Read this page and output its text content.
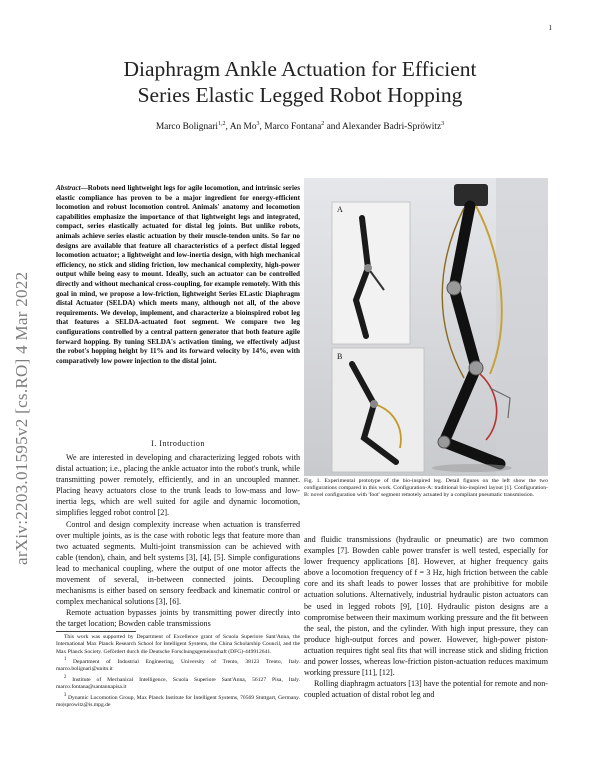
1
arXiv:2203.01595v2 [cs.RO] 4 Mar 2022
Diaphragm Ankle Actuation for Efficient
Series Elastic Legged Robot Hopping
Marco Bolignari$^{1,2}$, An Mo$^3$, Marco Fontana$^2$ and Alexander Badri-Spröwitz$^3$
Abstract—Robots need lightweight legs for agile locomotion, and intrinsic series elastic compliance has proven to be a major ingredient for energy-efficient locomotion and robust locomotion control. Animals' anatomy and locomotion capabilities emphasize the importance of that lightweight legs and integrated, compact, series elastically actuated for distal leg joints. But unlike robots, animals achieve series elastic actuation by their muscle-tendon units. So far no designs are available that feature all characteristics of a perfect distal legged locomotion actuator; a lightweight and low-inertia design, with high mechanical efficiency, no stick and sliding friction, low mechanical complexity, high-power output while being easy to mount. Ideally, such an actuator can be controlled directly and without mechanical cross-coupling, for example remotely. With this goal in mind, we propose a low-friction, lightweight Series ELastic Diaphragm distal Actuator (SELDA) which meets many, although not all, of the above requirements. We develop, implement, and characterize a bioinspired robot leg that features a SELDA-actuated foot segment. We compare two leg configurations controlled by a central pattern generator that both feature agile forward hopping. By tuning SELDA's activation timing, we effectively adjust the robot's hopping height by 11% and its forward velocity by 14%, even with comparatively low power injection to the distal joint.
I. Introduction

We are interested in developing and characterizing legged robots with distal actuation; i.e., placing the ankle actuator into the robot's trunk, while transmitting power remotely, efficiently, and in an uncoupled manner. Placing heavy actuators close to the trunk leads to low-mass and low-inertia legs, which are well suited for agile and dynamic locomotion, simplifies legged robot control [2].

Control and design complexity increase when actuation is transferred over multiple joints, as is the case with robotic legs that feature more than two actuated segments. Multi-joint transmission can be achieved with cable (tendon), chain, and belt systems [3], [4], [5]. Simple configurations lead to mechanical coupling, where the output of one motor affects the movement of several, in-between connected joints. Decoupling mechanisms is either based on sensory feedback and kinematic control or complex mechanical solutions [3], [6].

Remote actuation bypasses joints by transmitting power directly into the target location; Bowden cable transmissions

This work was supported by Department of Excellence grant of Scuola Superiore Sant'Anna, the International Max Planck Research School for Intelligent Systems, the China Scholarship Council, and the Max Planck Society. Gefördert durch die Deutsche Forschungsgemeinschaft (DFG)-449912641.

$^1$ Department of Industrial Engineering, University of Trento, 38123 Trento, Italy. marco.bolignari@unitn.it

$^2$ Institute of Mechanical Intelligence, Scuola Superiore Sant'Anna, 56127 Pisa, Italy. marco.fontana@santannapisa.it

$^3$ Dynamic Locomotion Group, Max Planck Institute for Intelligent Systems, 70569 Stuttgart, Germany. mo|sprowitz@is.mpg.de

A
B
Fig. 1. Experimental prototype of the bio-inspired leg. Detail figures on the left show the two configurations compared in this work. Configuration-A: traditional bio-inspired layout [1]. Configuration-B: novel configuration with 'foot' segment remotely actuated by a compliant pneumatic transmission.

and fluidic transmissions (hydraulic or pneumatic) are two common examples [7]. Bowden cable power transfer is well tested, especially for lower frequency applications [8]. However, at higher frequency gaits above a locomotion frequency of f = 3 Hz, high friction between the cable core and its shaft leads to power losses that are prohibitive for mobile actuation solutions. Alternatively, industrial hydraulic piston actuators can be used in legged robots [9], [10]. Hydraulic piston designs are a compromise between their maximum working pressure and the fit between the seal, the piston, and the cylinder. With high input pressure, they can produce high-output forces and power. However, high-power piston-actuation requires tight seal fits that will increase stick and sliding friction and power losses, whereas low-friction piston-actuation reduces maximum working pressure [11], [12].

Rolling diaphragm actuators [13] have the potential for remote and non-coupled actuation of distal robot leg and
